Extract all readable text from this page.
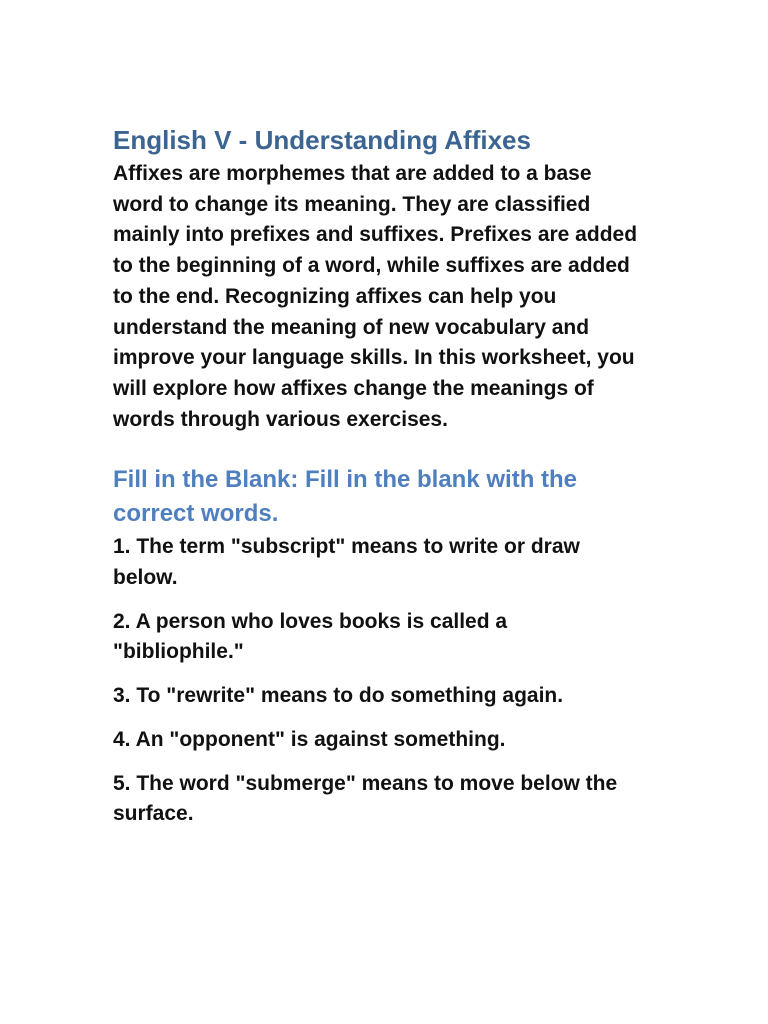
English V - Understanding Affixes

Affixes are morphemes that are added to a base word to change its meaning. They are classified mainly into prefixes and suffixes. Prefixes are added to the beginning of a word, while suffixes are added to the end. Recognizing affixes can help you understand the meaning of new vocabulary and improve your language skills. In this worksheet, you will explore how affixes change the meanings of words through various exercises.

Fill in the Blank: Fill in the blank with the correct words.
1. The term "subscript" means to write or draw below.
2. A person who loves books is called a "bibliophile."
3. To "rewrite" means to do something again.
4. An "opponent" is against something.
5. The word "submerge" means to move below the surface.
